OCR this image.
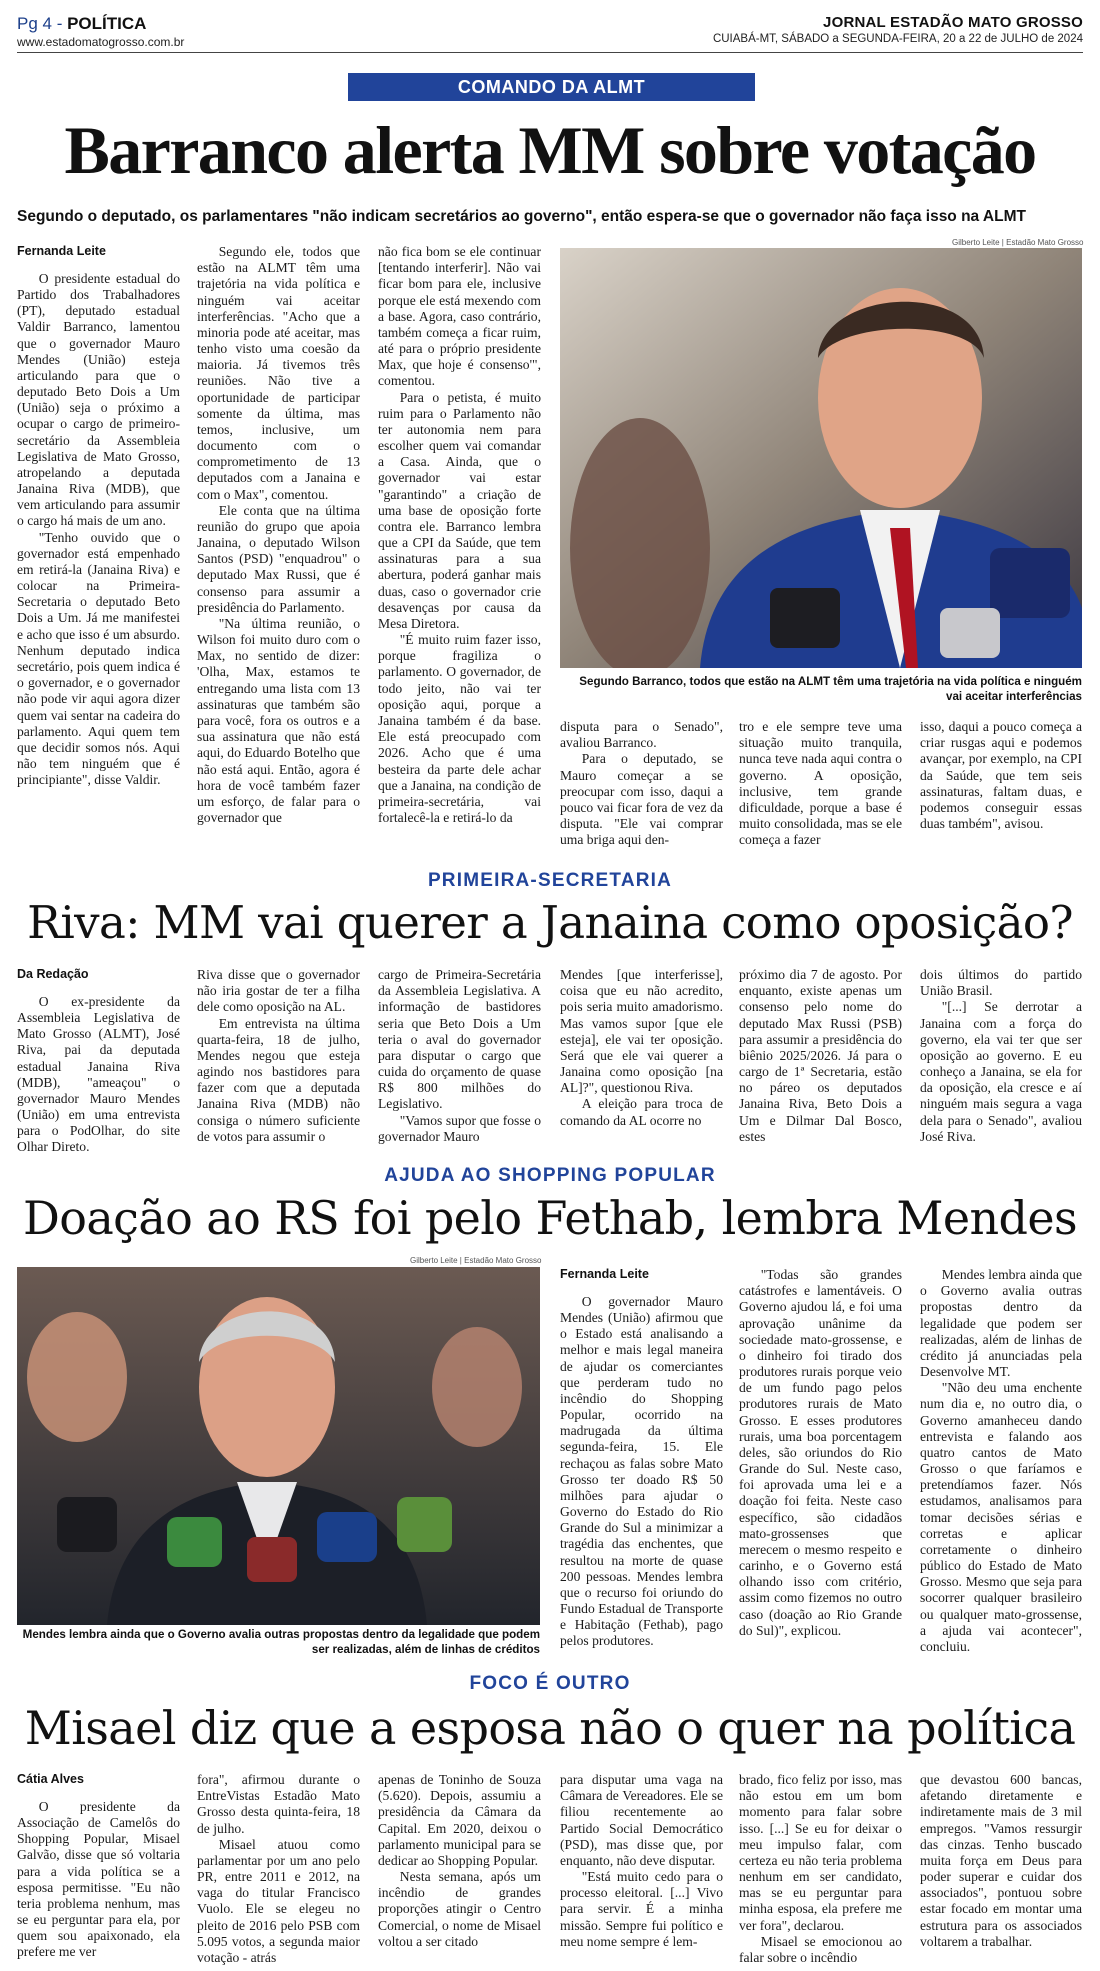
Pg 4 - POLÍTICA
www.estadomatogrosso.com.br
JORNAL ESTADÃO MATO GROSSO
CUIABÁ-MT, SÁBADO a SEGUNDA-FEIRA, 20 a 22 de JULHO de 2024
COMANDO DA ALMT
Barranco alerta MM sobre votação
Segundo o deputado, os parlamentares "não indicam secretários ao governo", então espera-se que o governador não faça isso na ALMT
Fernanda Leite

O presidente estadual do Partido dos Trabalhadores (PT), deputado estadual Valdir Barranco, lamentou que o governador Mauro Mendes (União) esteja articulando para que o deputado Beto Dois a Um (União) seja o próximo a ocupar o cargo de primeiro-secretário da Assembleia Legislativa de Mato Grosso, atropelando a deputada Janaina Riva (MDB), que vem articulando para assumir o cargo há mais de um ano.

"Tenho ouvido que o governador está empenhado em retirá-la (Janaina Riva) e colocar na Primeira-Secretaria o deputado Beto Dois a Um. Já me manifestei e acho que isso é um absurdo. Nenhum deputado indica secretário, pois quem indica é o governador, e o governador não pode vir aqui agora dizer quem vai sentar na cadeira do parlamento. Aqui quem tem que decidir somos nós. Aqui não tem ninguém que é principiante", disse Valdir.

Segundo ele, todos que estão na ALMT têm uma trajetória na vida política e ninguém vai aceitar interferências. "Acho que a minoria pode até aceitar, mas tenho visto uma coesão da maioria. Já tivemos três reuniões. Não tive a oportunidade de participar somente da última, mas temos, inclusive, um documento com o comprometimento de 13 deputados com a Janaina e com o Max", comentou.

Ele conta que na última reunião do grupo que apoia Janaina, o deputado Wilson Santos (PSD) "enquadrou" o deputado Max Russi, que é consenso para assumir a presidência do Parlamento.

"Na última reunião, o Wilson foi muito duro com o Max, no sentido de dizer: 'Olha, Max, estamos te entregando uma lista com 13 assinaturas que também são para você, fora os outros e a sua assinatura que não está aqui, do Eduardo Botelho que não está aqui. Então, agora é hora de você também fazer um esforço, de falar para o governador que

não fica bom se ele continuar [tentando interferir]. Não vai ficar bom para ele, inclusive porque ele está mexendo com a base. Agora, caso contrário, também começa a ficar ruim, até para o próprio presidente Max, que hoje é consenso'", comentou.

Para o petista, é muito ruim para o Parlamento não ter autonomia nem para escolher quem vai comandar a Casa. Ainda, que o governador vai estar "garantindo" a criação de uma base de oposição forte contra ele. Barranco lembra que a CPI da Saúde, que tem assinaturas para a sua abertura, poderá ganhar mais duas, caso o governador crie desavenças por causa da Mesa Diretora.

"É muito ruim fazer isso, porque fragiliza o parlamento. O governador, de todo jeito, não vai ter oposição aqui, porque a Janaina também é da base. Ele está preocupado com 2026. Acho que é uma besteira da parte dele achar que a Janaina, na condição de primeira-secretária, vai fortalecê-la e retirá-lo da

Gilberto Leite | Estadão Mato Grosso
Segundo Barranco, todos que estão na ALMT têm uma trajetória na vida política e ninguém vai aceitar interferências

disputa para o Senado", avaliou Barranco.

Para o deputado, se Mauro começar a se preocupar com isso, daqui a pouco vai ficar fora de vez da disputa. "Ele vai comprar uma briga aqui den-

tro e ele sempre teve uma situação muito tranquila, nunca teve nada aqui contra o governo. A oposição, inclusive, tem grande dificuldade, porque a base é muito consolidada, mas se ele começa a fazer

isso, daqui a pouco começa a criar rusgas aqui e podemos avançar, por exemplo, na CPI da Saúde, que tem seis assinaturas, faltam duas, e podemos conseguir essas duas também", avisou.

PRIMEIRA-SECRETARIA
Riva: MM vai querer a Janaina como oposição?
Da Redação

O ex-presidente da Assembleia Legislativa de Mato Grosso (ALMT), José Riva, pai da deputada estadual Janaina Riva (MDB), "ameaçou" o governador Mauro Mendes (União) em uma entrevista para o PodOlhar, do site Olhar Direto.

Riva disse que o governador não iria gostar de ter a filha dele como oposição na AL.

Em entrevista na última quarta-feira, 18 de julho, Mendes negou que esteja agindo nos bastidores para fazer com que a deputada Janaina Riva (MDB) não consiga o número suficiente de votos para assumir o

cargo de Primeira-Secretária da Assembleia Legislativa. A informação de bastidores seria que Beto Dois a Um teria o aval do governador para disputar o cargo que cuida do orçamento de quase R$ 800 milhões do Legislativo.

"Vamos supor que fosse o governador Mauro

Mendes [que interferisse], coisa que eu não acredito, pois seria muito amadorismo. Mas vamos supor [que ele esteja], ele vai ter oposição. Será que ele vai querer a Janaina como oposição [na AL]?", questionou Riva.

A eleição para troca de comando da AL ocorre no

próximo dia 7 de agosto. Por enquanto, existe apenas um consenso pelo nome do deputado Max Russi (PSB) para assumir a presidência do biênio 2025/2026. Já para o cargo de 1ª Secretaria, estão no páreo os deputados Janaina Riva, Beto Dois a Um e Dilmar Dal Bosco, estes

dois últimos do partido União Brasil.

"[...] Se derrotar a Janaina com a força do governo, ela vai ter que ser oposição ao governo. E eu conheço a Janaina, se ela for da oposição, ela cresce e aí ninguém mais segura a vaga dela para o Senado", avaliou José Riva.

AJUDA AO SHOPPING POPULAR
Doação ao RS foi pelo Fethab, lembra Mendes
Gilberto Leite | Estadão Mato Grosso
Mendes lembra ainda que o Governo avalia outras propostas dentro da legalidade que podem ser realizadas, além de linhas de créditos
Fernanda Leite

O governador Mauro Mendes (União) afirmou que o Estado está analisando a melhor e mais legal maneira de ajudar os comerciantes que perderam tudo no incêndio do Shopping Popular, ocorrido na madrugada da última segunda-feira, 15. Ele rechaçou as falas sobre Mato Grosso ter doado R$ 50 milhões para ajudar o Governo do Estado do Rio Grande do Sul a minimizar a tragédia das enchentes, que resultou na morte de quase 200 pessoas. Mendes lembra que o recurso foi oriundo do Fundo Estadual de Transporte e Habitação (Fethab), pago pelos produtores.

"Todas são grandes catástrofes e lamentáveis. O Governo ajudou lá, e foi uma aprovação unânime da sociedade mato-grossense, e o dinheiro foi tirado dos produtores rurais porque veio de um fundo pago pelos produtores rurais de Mato Grosso. E esses produtores rurais, uma boa porcentagem deles, são oriundos do Rio Grande do Sul. Neste caso, foi aprovada uma lei e a doação foi feita. Neste caso específico, são cidadãos mato-grossenses que merecem o mesmo respeito e carinho, e o Governo está olhando isso com critério, assim como fizemos no outro caso (doação ao Rio Grande do Sul)", explicou.

Mendes lembra ainda que o Governo avalia outras propostas dentro da legalidade que podem ser realizadas, além de linhas de crédito já anunciadas pela Desenvolve MT.

"Não deu uma enchente num dia e, no outro dia, o Governo amanheceu dando entrevista e falando aos quatro cantos de Mato Grosso o que faríamos e pretendíamos fazer. Nós estudamos, analisamos para tomar decisões sérias e corretas e aplicar corretamente o dinheiro público do Estado de Mato Grosso. Mesmo que seja para socorrer qualquer brasileiro ou qualquer mato-grossense, a ajuda vai acontecer", concluiu.

FOCO É OUTRO
Misael diz que a esposa não o quer na política
Cátia Alves

O presidente da Associação de Camelôs do Shopping Popular, Misael Galvão, disse que só voltaria para a vida política se a esposa permitisse. "Eu não teria problema nenhum, mas se eu perguntar para ela, por quem sou apaixonado, ela prefere me ver

fora", afirmou durante o EntreVistas Estadão Mato Grosso desta quinta-feira, 18 de julho.

Misael atuou como parlamentar por um ano pelo PR, entre 2011 e 2012, na vaga do titular Francisco Vuolo. Ele se elegeu no pleito de 2016 pelo PSB com 5.095 votos, a segunda maior votação - atrás

apenas de Toninho de Souza (5.620). Depois, assumiu a presidência da Câmara da Capital. Em 2020, deixou o parlamento municipal para se dedicar ao Shopping Popular.

Nesta semana, após um incêndio de grandes proporções atingir o Centro Comercial, o nome de Misael voltou a ser citado

para disputar uma vaga na Câmara de Vereadores. Ele se filiou recentemente ao Partido Social Democrático (PSD), mas disse que, por enquanto, não deve disputar.

"Está muito cedo para o processo eleitoral. [...] Vivo para servir. É a minha missão. Sempre fui político e meu nome sempre é lem-

brado, fico feliz por isso, mas não estou em um bom momento para falar sobre isso. [...] Se eu for deixar o meu impulso falar, com certeza eu não teria problema nenhum em ser candidato, mas se eu perguntar para minha esposa, ela prefere me ver fora", declarou.

Misael se emocionou ao falar sobre o incêndio

que devastou 600 bancas, afetando diretamente e indiretamente mais de 3 mil empregos. "Vamos ressurgir das cinzas. Tenho buscado muita força em Deus para poder superar e cuidar dos associados", pontuou sobre estar focado em montar uma estrutura para os associados voltarem a trabalhar.
